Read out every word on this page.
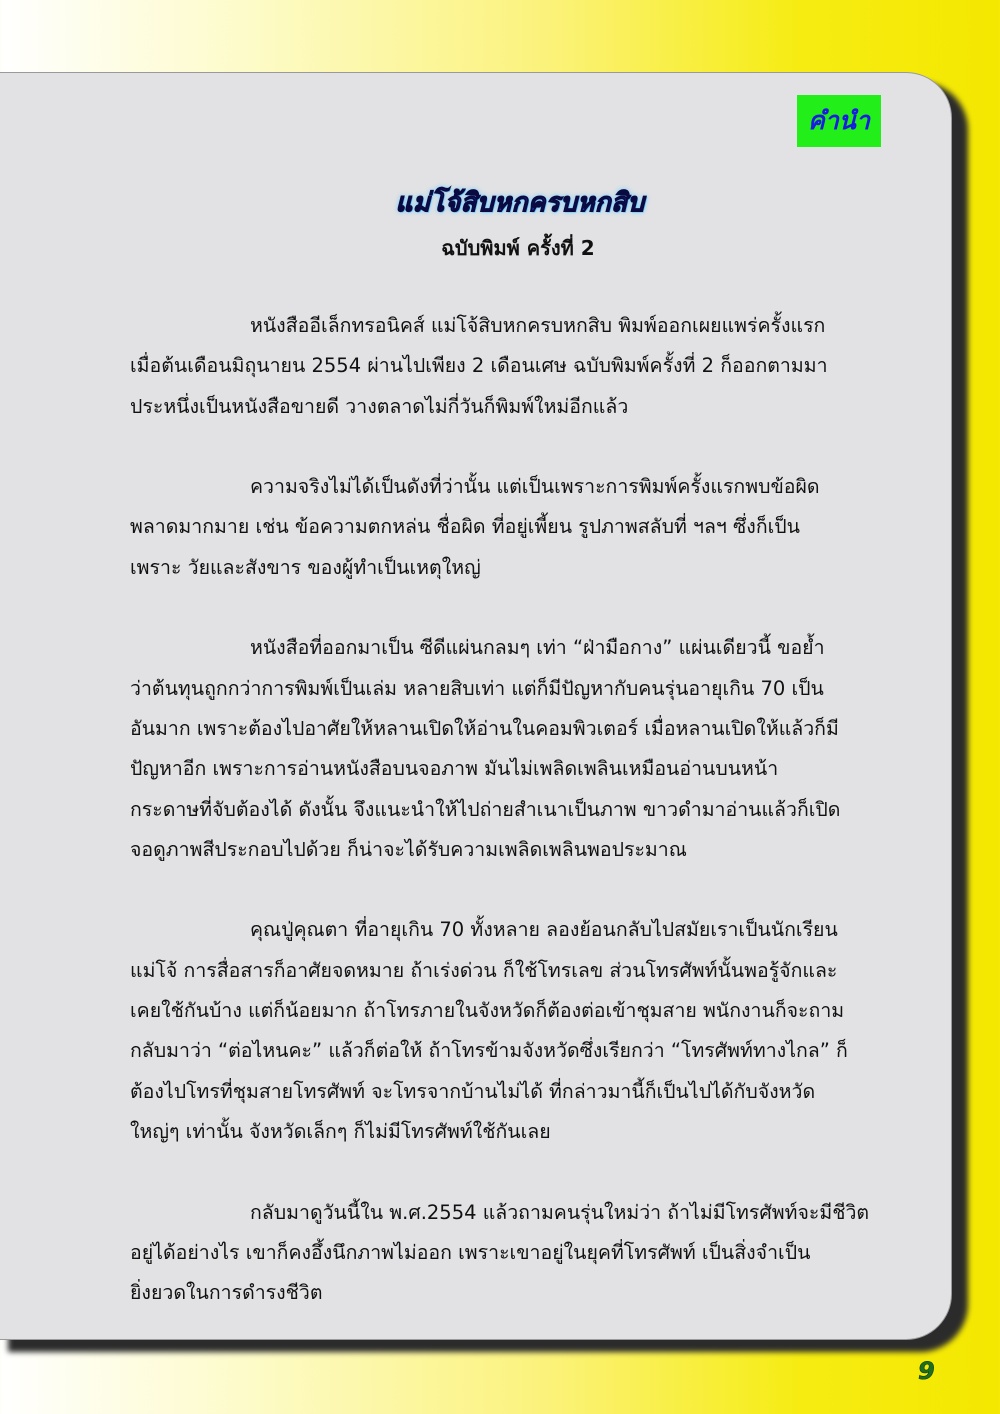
คำนำ
แม่โจ้สิบหกครบหกสิบ
ฉบับพิมพ์ ครั้งที่ 2
หนังสืออีเล็กทรอนิคส์ แม่โจ้สิบหกครบหกสิบ พิมพ์ออกเผยแพร่ครั้งแรก
เมื่อต้นเดือนมิถุนายน 2554 ผ่านไปเพียง 2 เดือนเศษ ฉบับพิมพ์ครั้งที่ 2 ก็ออกตามมา
ประหนึ่งเป็นหนังสือขายดี วางตลาดไม่กี่วันก็พิมพ์ใหม่อีกแล้ว
ความจริงไม่ได้เป็นดังที่ว่านั้น แต่เป็นเพราะการพิมพ์ครั้งแรกพบข้อผิด
พลาดมากมาย เช่น ข้อความตกหล่น ชื่อผิด ที่อยู่เพี้ยน รูปภาพสลับที่ ฯลฯ ซึ่งก็เป็น
เพราะ วัยและสังขาร ของผู้ทำเป็นเหตุใหญ่
หนังสือที่ออกมาเป็น ซีดีแผ่นกลมๆ เท่า “ฝ่ามือกาง” แผ่นเดียวนี้ ขอย้ำ
ว่าต้นทุนถูกกว่าการพิมพ์เป็นเล่ม หลายสิบเท่า แต่ก็มีปัญหากับคนรุ่นอายุเกิน 70 เป็น
อันมาก เพราะต้องไปอาศัยให้หลานเปิดให้อ่านในคอมพิวเตอร์ เมื่อหลานเปิดให้แล้วก็มี
ปัญหาอีก เพราะการอ่านหนังสือบนจอภาพ มันไม่เพลิดเพลินเหมือนอ่านบนหน้า
กระดาษที่จับต้องได้ ดังนั้น จึงแนะนำให้ไปถ่ายสำเนาเป็นภาพ ขาวดำมาอ่านแล้วก็เปิด
จอดูภาพสีประกอบไปด้วย ก็น่าจะได้รับความเพลิดเพลินพอประมาณ
คุณปู่คุณตา ที่อายุเกิน 70 ทั้งหลาย ลองย้อนกลับไปสมัยเราเป็นนักเรียน
แม่โจ้ การสื่อสารก็อาศัยจดหมาย ถ้าเร่งด่วน ก็ใช้โทรเลข ส่วนโทรศัพท์นั้นพอรู้จักและ
เคยใช้กันบ้าง แต่ก็น้อยมาก ถ้าโทรภายในจังหวัดก็ต้องต่อเข้าชุมสาย พนักงานก็จะถาม
กลับมาว่า “ต่อไหนคะ” แล้วก็ต่อให้ ถ้าโทรข้ามจังหวัดซึ่งเรียกว่า “โทรศัพท์ทางไกล” ก็
ต้องไปโทรที่ชุมสายโทรศัพท์ จะโทรจากบ้านไม่ได้ ที่กล่าวมานี้ก็เป็นไปได้กับจังหวัด
ใหญ่ๆ เท่านั้น จังหวัดเล็กๆ ก็ไม่มีโทรศัพท์ใช้กันเลย
กลับมาดูวันนี้ใน พ.ศ.2554 แล้วถามคนรุ่นใหม่ว่า ถ้าไม่มีโทรศัพท์จะมีชีวิต
อยู่ได้อย่างไร เขาก็คงอึ้งนึกภาพไม่ออก เพราะเขาอยู่ในยุคที่โทรศัพท์ เป็นสิ่งจำเป็น
ยิ่งยวดในการดำรงชีวิต
9
